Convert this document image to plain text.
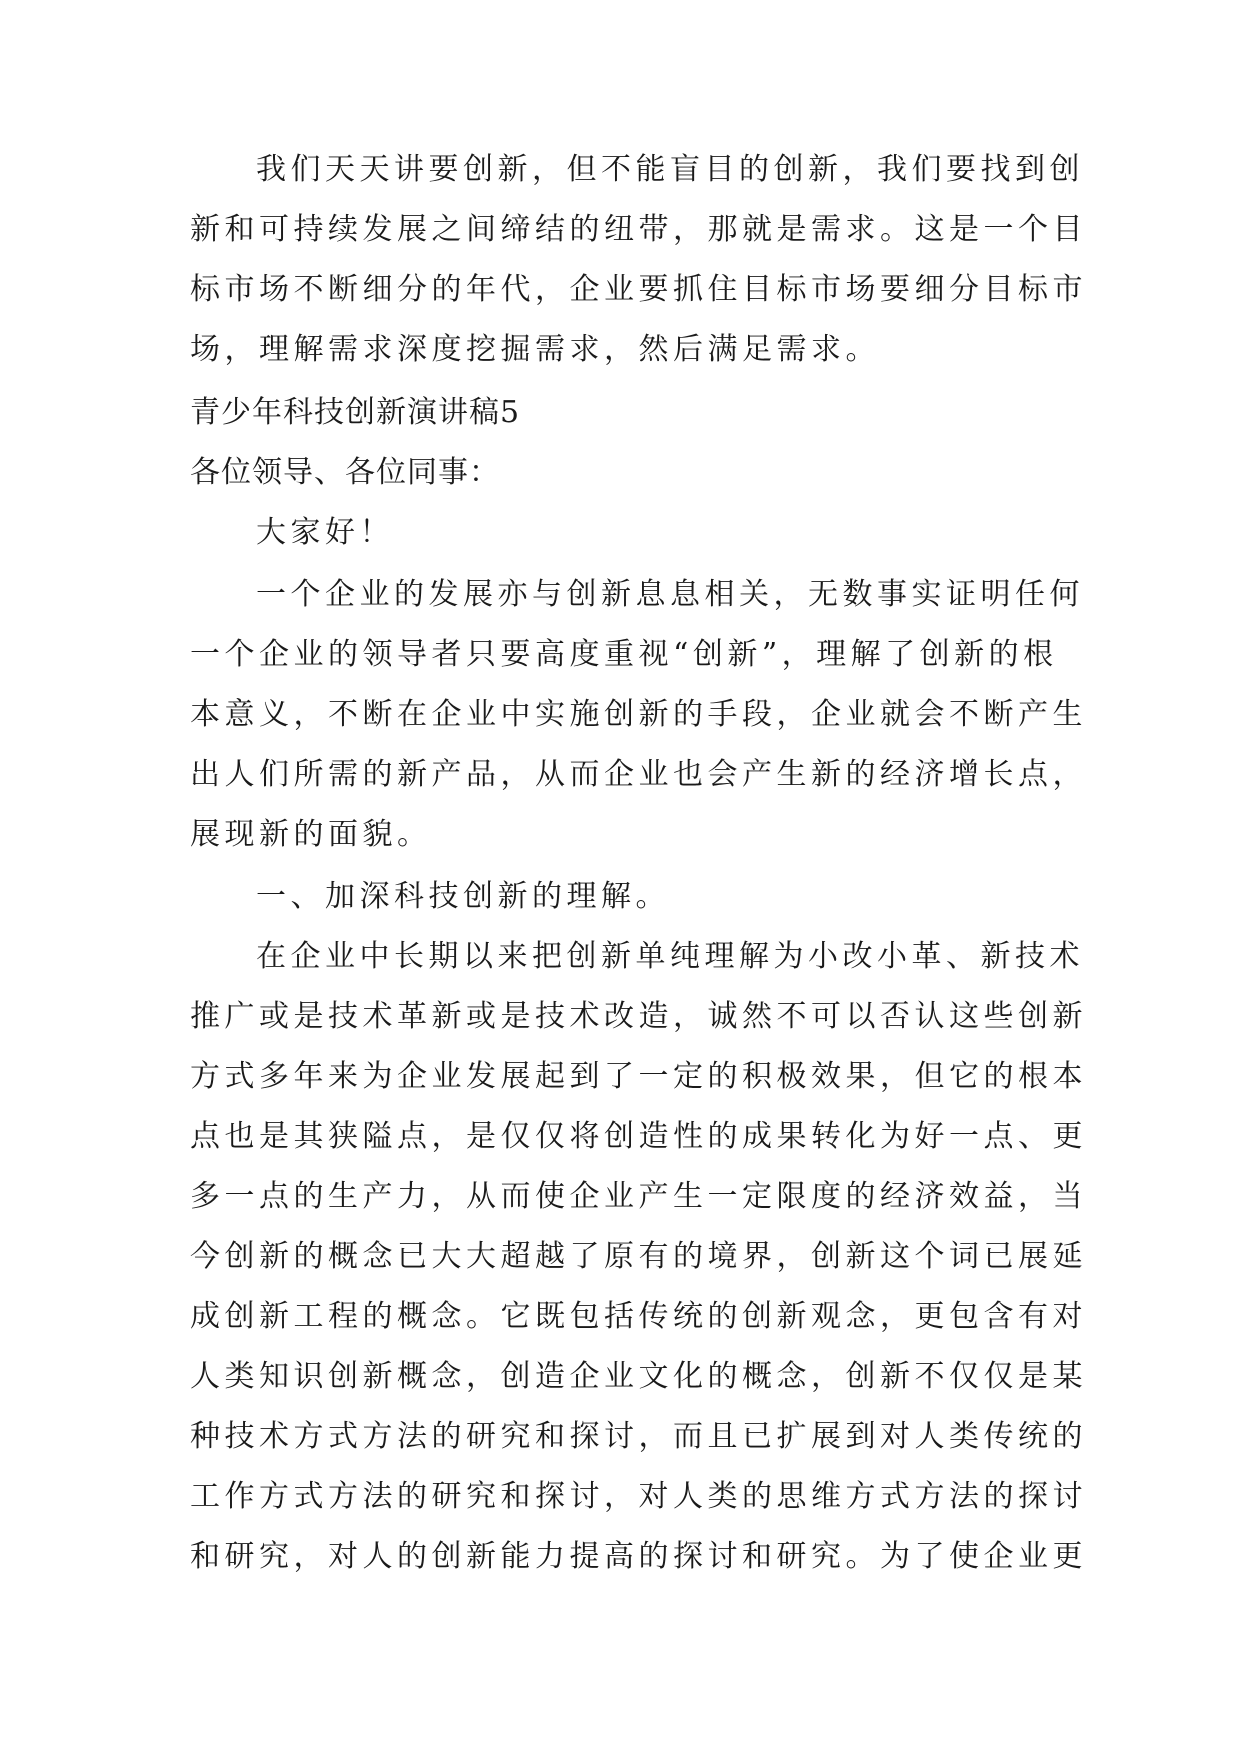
我们天天讲要创新，但不能盲目的创新，我们要找到创
新和可持续发展之间缔结的纽带，那就是需求。这是一个目
标市场不断细分的年代，企业要抓住目标市场要细分目标市
场，理解需求深度挖掘需求，然后满足需求。
青少年科技创新演讲稿5
各位领导、各位同事：
大家好！
一个企业的发展亦与创新息息相关，无数事实证明任何
一个企业的领导者只要高度重视“创新”，理解了创新的根
本意义，不断在企业中实施创新的手段，企业就会不断产生
出人们所需的新产品，从而企业也会产生新的经济增长点，
展现新的面貌。
一、加深科技创新的理解。
在企业中长期以来把创新单纯理解为小改小革、新技术
推广或是技术革新或是技术改造，诚然不可以否认这些创新
方式多年来为企业发展起到了一定的积极效果，但它的根本
点也是其狭隘点，是仅仅将创造性的成果转化为好一点、更
多一点的生产力，从而使企业产生一定限度的经济效益，当
今创新的概念已大大超越了原有的境界，创新这个词已展延
成创新工程的概念。它既包括传统的创新观念，更包含有对
人类知识创新概念，创造企业文化的概念，创新不仅仅是某
种技术方式方法的研究和探讨，而且已扩展到对人类传统的
工作方式方法的研究和探讨，对人类的思维方式方法的探讨
和研究，对人的创新能力提高的探讨和研究。为了使企业更
